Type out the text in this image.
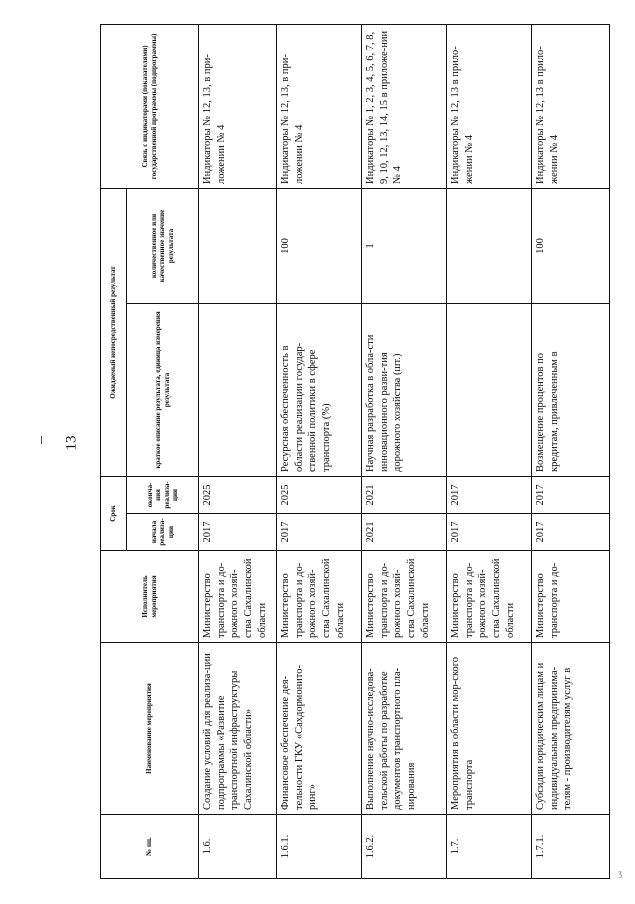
13
ʒ
№ пп.	Наименование мероприятия	Исполнитель мероприятия	Срок		Ожидаемый непосредственный результат		Связь с индикаторами (показателями) государственной программы (подпрограммы)
			начала реализа-ции	оконча-ния реализа-ции	краткое описание результата, единица измерения результата	количественное или качественное значение результата	
1.6.	Создание условий для реализа-ции подпрограммы «Развитие транспортной инфраструктуры Сахалинской области»	Министерство транспорта и до-рожного хозяй-ства Сахалинской области	2017	2025			Индикаторы № 12, 13, в при-ложении № 4
1.6.1.	Финансовое обеспечение дея-тельности ГКУ «Сахдормонито-ринг»	Министерство транспорта и до-рожного хозяй-ства Сахалинской области	2017	2025	Ресурсная обеспеченность в области реализации государ-ственной политики в сфере транспорта (%)	100	Индикаторы № 12, 13, в при-ложении № 4
1.6.2.	Выполнение научно-исследова-тельской работы по разработке документов транспортного пла-нирования	Министерство транспорта и до-рожного хозяй-ства Сахалинской области	2021	2021	Научная разработка в обла-сти инновационного разви-тия дорожного хозяйства (шт.)	1	Индикаторы № 1, 2, 3, 4, 5, 6, 7, 8, 9, 10, 12, 13, 14, 15 в приложе-нии № 4
1.7.	Мероприятия в области мор-ского транспорта	Министерство транспорта и до-рожного хозяй-ства Сахалинской области	2017	2017			Индикаторы № 12, 13 в прило-жении № 4
1.7.1.	Субсидии юридическим лицам и индивидуальным предпринима-телям - производителям услуг в	Министерство транспорта и до-	2017	2017	Возмещение процентов по кредитам, привлеченным в	100	Индикаторы № 12, 13 в прило-жении № 4
